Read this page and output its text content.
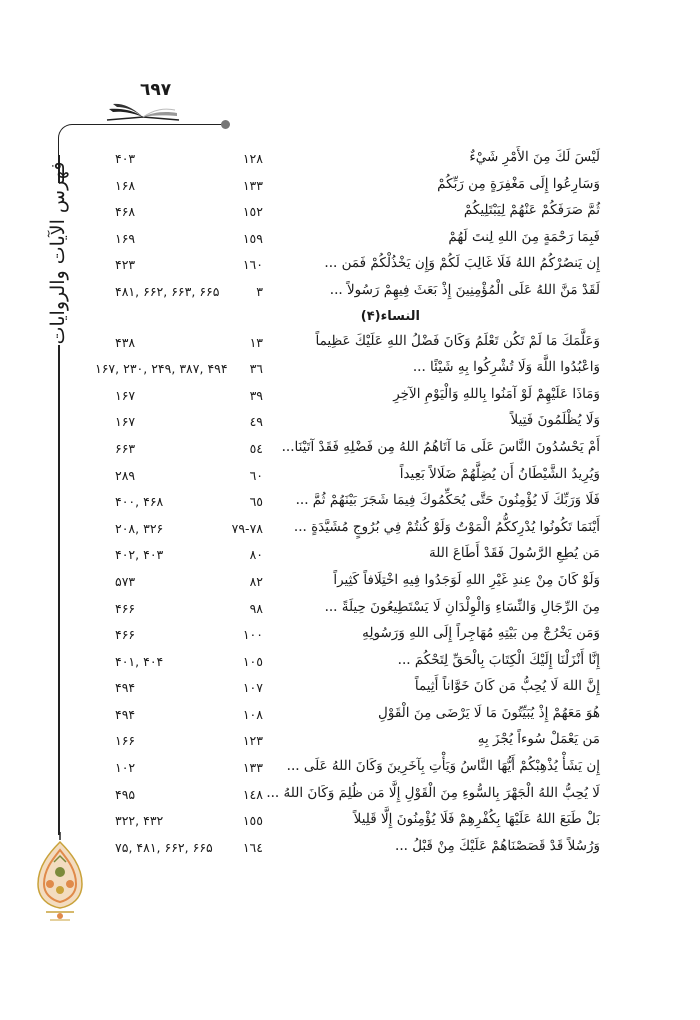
٦٩٧
فهرس الآيات والروايات
لَيْسَ لَكَ مِنَ الأَمْرِ شَيْءٌ
١٢٨
۴۰۳
وَسَارِعُوا إِلَى مَغْفِرَةٍ مِن رَبِّكُمْ
١٣٣
۱۶۸
ثُمَّ صَرَفَكُمْ عَنْهُمْ لِيَبْتَلِيكُمْ
١٥٢
۴۶۸
فَبِمَا رَحْمَةٍ مِنَ اللهِ لِنتَ لَهُمْ
١٥٩
۱۶۹
إِن يَنصُرْكُمُ اللهُ فَلَا غَالِبَ لَكُمْ وَإِن يَخْذُلْكُمْ فَمَن ...
١٦٠
۴۲۳
لَقَدْ مَنَّ اللهُ عَلَى الْمُؤْمِنِينَ إِذْ بَعَثَ فِيهِمْ رَسُولاً ...
٣
۶۶۵ ,۶۶۳ ,۶۶۲ ,۴۸۱
النساء(۴)
وَعَلَّمَكَ مَا لَمْ تَكُن تَعْلَمُ وَكَانَ فَضْلُ اللهِ عَلَيْكَ عَظِيماً
١٣
۴۳۸
وَاعْبُدُوا اللَّهَ وَلَا تُشْرِكُوا بِهِ شَيْئًا ...
٣٦
۴۹۴ ,۳۸۷ ,۲۴۹ ,۲۳۰ ,۱۶۷
وَمَاذَا عَلَيْهِمْ لَوْ آمَنُوا بِاللهِ وَالْيَوْمِ الآخِرِ
٣٩
۱۶۷
وَلَا يُظْلَمُونَ فَتِيلاً
٤٩
۱۶۷
أَمْ يَحْسُدُونَ النَّاسَ عَلَى مَا آتَاهُمُ اللهُ مِن فَضْلِهِ فَقَدْ آتَيْنَا...
٥٤
۶۶۳
وَيُرِيدُ الشَّيْطَانُ أَن يُضِلَّهُمْ ضَلَالاً بَعِيداً
٦٠
۲۸۹
فَلَا وَرَبِّكَ لَا يُؤْمِنُونَ حَتَّى يُحَكِّمُوكَ فِيمَا شَجَرَ بَيْنَهُمْ ثُمَّ ...
٦٥
۴۶۸ ,۴۰۰
أَيْنَمَا تَكُونُوا يُدْرِككُّمُ الْمَوْتُ وَلَوْ كُنتُمْ فِي بُرُوجٍ مُشَيَّدَةٍ ...
٧٨-٧٩
۳۲۶ ,۲۰۸
مَن يُطِعِ الرَّسُولَ فَقَدْ أَطَاعَ اللهَ
٨٠
۴۰۳ ,۴۰۲
وَلَوْ كَانَ مِنْ عِندِ غَيْرِ اللهِ لَوَجَدُوا فِيهِ اخْتِلَافاً كَثِيراً
٨٢
۵۷۳
مِنَ الرِّجَالِ وَالنِّسَاءِ وَالْوِلْدَانِ لَا يَسْتَطِيعُونَ حِيلَةً ...
٩٨
۴۶۶
وَمَن يَخْرُجْ مِن بَيْتِهِ مُهَاجِراً إِلَى اللهِ وَرَسُولِهِ
١٠٠
۴۶۶
إِنَّا أَنْزَلْنَا إِلَيْكَ الْكِتَابَ بِالْحَقِّ لِتَحْكُمَ ...
١٠٥
۴۰۴ ,۴۰۱
إِنَّ اللهَ لَا يُحِبُّ مَن كَانَ خَوَّاناً أَثِيماً
١٠٧
۴۹۴
هُوَ مَعَهُمْ إِذْ يُبَيِّتُونَ مَا لَا يَرْضَى مِنَ الْقَوْلِ
١٠٨
۴۹۴
مَن يَعْمَلْ سُوءاً يُجْزَ بِهِ
١٢٣
۱۶۶
إِن يَشَأْ يُذْهِبْكُمْ أَيُّهَا النَّاسُ وَيَأْتِ بِآخَرِينَ وَكَانَ اللهُ عَلَى ...
١٣٣
۱۰۲
لَا يُحِبُّ اللهُ الْجَهْرَ بِالسُّوءِ مِنَ الْقَوْلِ إِلَّا مَن ظُلِمَ وَكَانَ اللهُ ...
١٤٨
۴۹۵
بَلْ طَبَعَ اللهُ عَلَيْهَا بِكُفْرِهِمْ فَلَا يُؤْمِنُونَ إِلَّا قَلِيلاً
١٥٥
۴۳۲ ,۳۲۲
وَرُسُلاً قَدْ قَصَصْنَاهُمْ عَلَيْكَ مِنْ قَبْلُ ...
١٦٤
۶۶۵ ,۶۶۲ ,۴۸۱ ,۷۵
